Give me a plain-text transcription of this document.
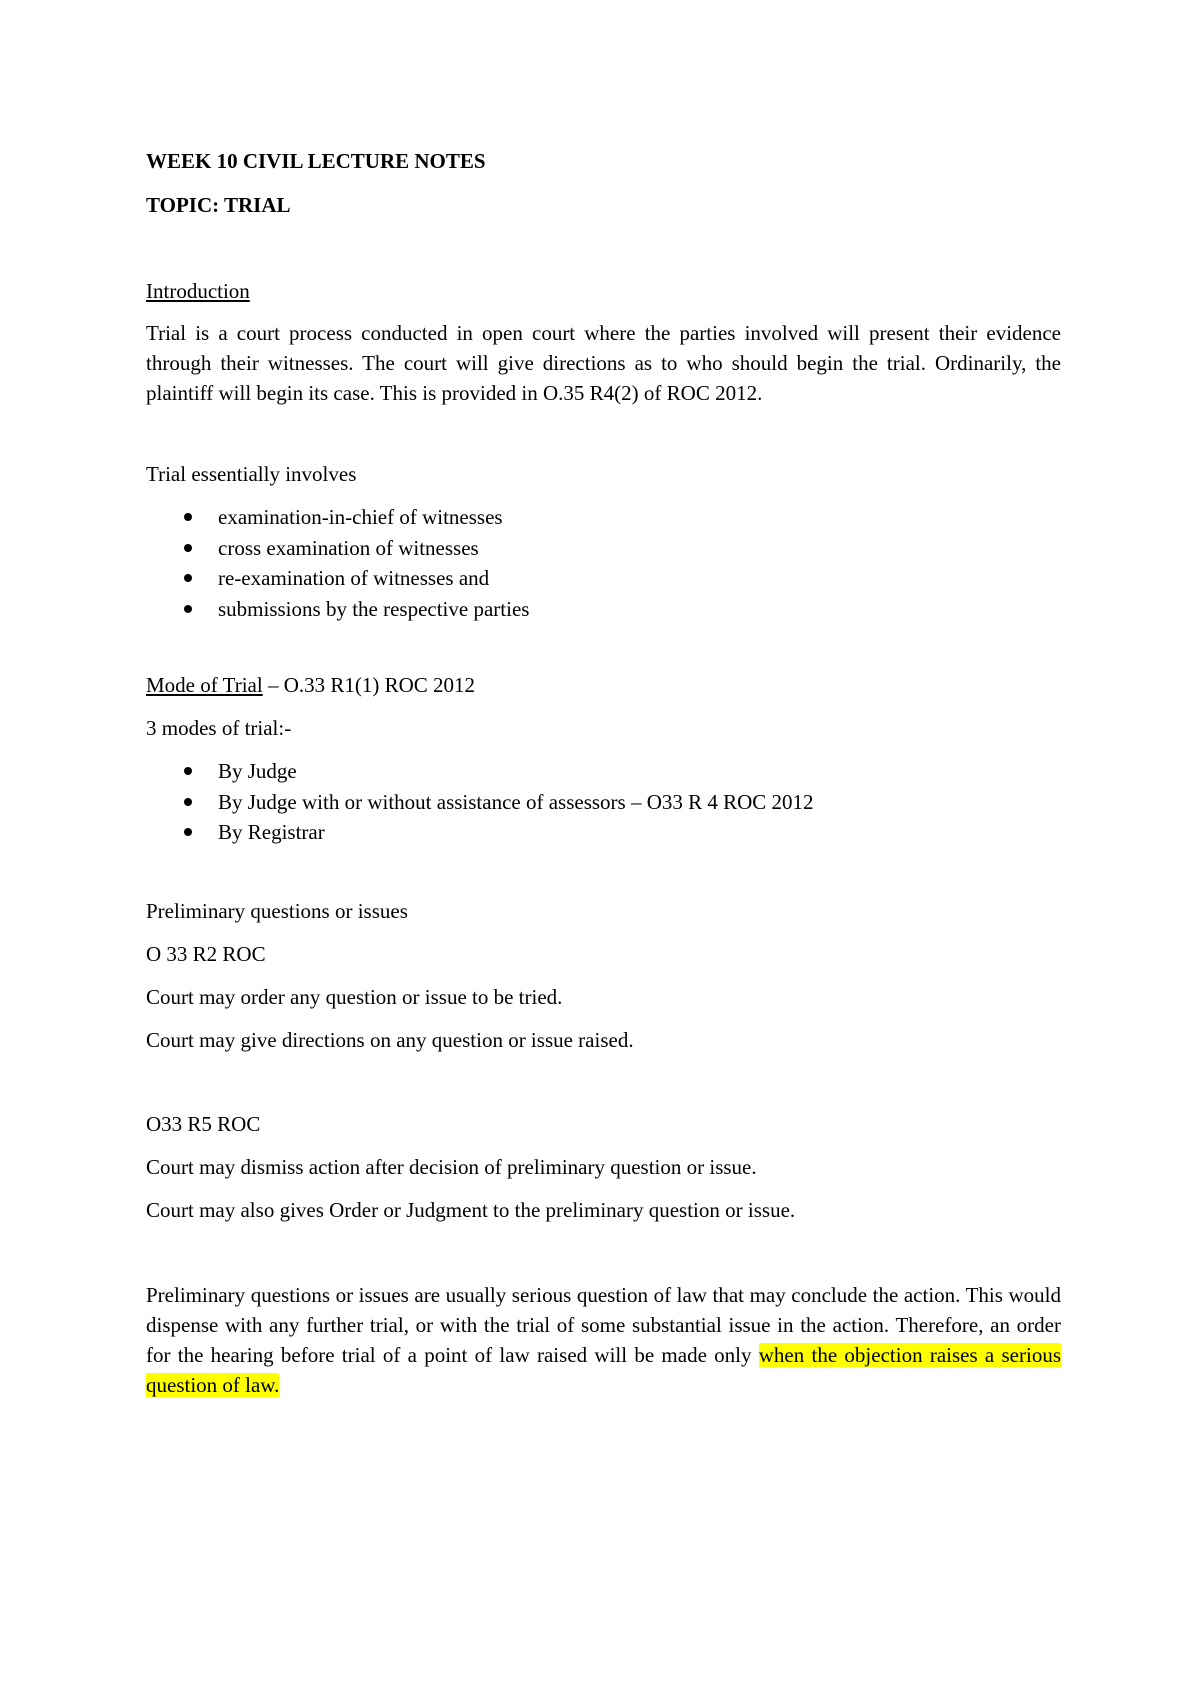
WEEK 10 CIVIL LECTURE NOTES

TOPIC: TRIAL

Introduction

Trial is a court process conducted in open court where the parties involved will present their evidence through their witnesses. The court will give directions as to who should begin the trial. Ordinarily, the plaintiff will begin its case. This is provided in O.35 R4(2) of ROC 2012.

Trial essentially involves

examination-in-chief of witnesses
cross examination of witnesses
re-examination of witnesses and
submissions by the respective parties

Mode of Trial – O.33 R1(1) ROC 2012

3 modes of trial:-

By Judge
By Judge with or without assistance of assessors – O33 R 4 ROC 2012
By Registrar

Preliminary questions or issues

O 33 R2 ROC

Court may order any question or issue to be tried.

Court may give directions on any question or issue raised.

O33 R5 ROC

Court may dismiss action after decision of preliminary question or issue.

Court may also gives Order or Judgment to the preliminary question or issue.

Preliminary questions or issues are usually serious question of law that may conclude the action. This would dispense with any further trial, or with the trial of some substantial issue in the action. Therefore, an order for the hearing before trial of a point of law raised will be made only when the objection raises a serious question of law.
